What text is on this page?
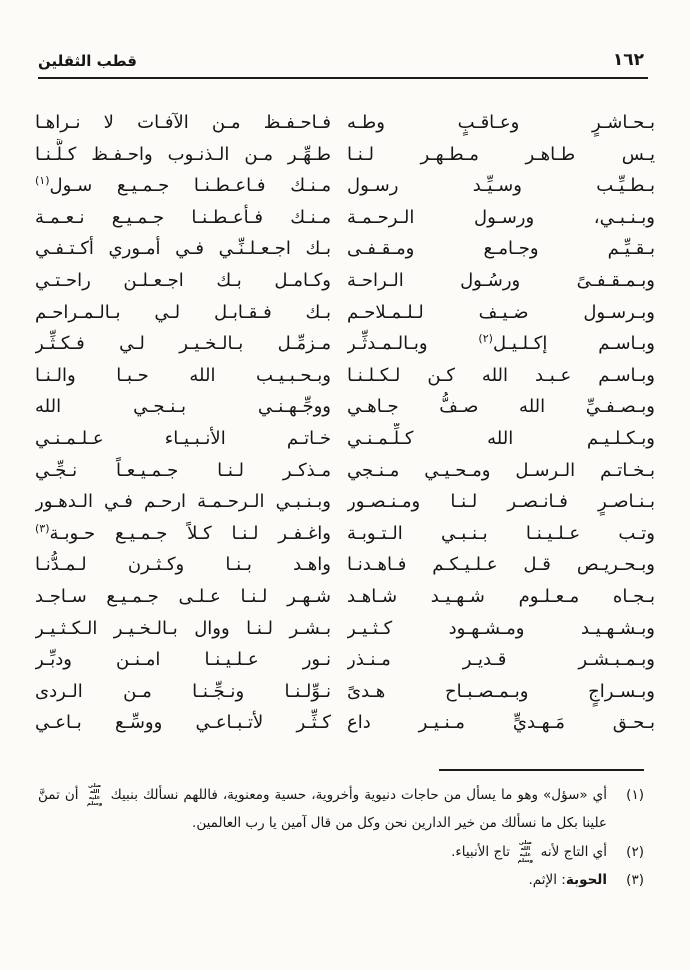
قطب الثقلين	١٦٢
بـحـاشـرٍ وعـاقـبٍ وطـه
فـاحـفـظ مـن الآفـات لا نـراهـا
يـس طـاهـر مـطـهـر لـنـا
طـهِّـر مـن الـذنـوب واحـفـظ كـلَّـنـا
بـطـيِّـب وسـيِّـد رسـول
مـنـك فـاعـطـنـا جـمـيـع سـول$^{(١)}$
وبـنـبـي، ورسـول الـرحـمـة
مـنـك فـأعـطـنـا جـمـيـع نـعـمـة
بـقـيِّـم وجـامـع ومـقـفـى
بـك اجـعـلـنِّـي فـي أمـوري أكـتـفـي
وبـمـقـفـىً ورسُـول الـراحـة
وكـامـل بـك اجـعـلـن راحـتـي
وبـرسـول ضـيـف لـلـمـلاحـم
بـك فـقـابـل لـي بـالـمـراحـم
وبـاسـم إكـلـيـل$^{(٢)}$ وبـالـمـدثِّـر
مـزمِّـل بـالـخـيـر لـي فـكـثِّـر
وبـاسـم عـبـد الله كـن لـكـلـنـا
وبـحـبـيـب الله حـبـا والـنـا
وبـصـفـيِّ الله صـفُّ جـاهـي
ووجِّـهـنـي بـنـجـي الله
وبـكـلـيـم الله كـلِّـمـنـي
خـاتـم الأنـبـيـاء عـلـمـنـي
بـخـاتـم الـرسـل ومـحـيـي مـنـجي
مـذكـر لـنـا جـمـيـعـاً نـجِّـي
بـنـاصـرٍ فـانـصـر لـنـا ومـنـصـور
وبـنـبـي الـرحـمـة ارحـم فـي الـدهـور
وتـب عـلـيـنـا بـنـبـي الـتـوبـة
واغـفـر لـنـا كـلاً جـمـيـع حـوبـة$^{(٣)}$
وبـحـريـص قـل عـلـيـكـم فـاهـدنـا
واهـد بـنـا وكـثـرن لـمـدُّنـا
بـجـاه مـعـلـوم شـهـيـد شـاهـد
شـهـر لـنـا عـلـى جـمـيـع سـاجـد
وبـشـهـيـد ومـشـهـود كـثـيـر
بـشـر لـنـا ووال بـالـخـيـر الـكـثـيـر
وبـمـبـشـر قـديـر مـنـذر
نـور عـلـيـنـا امـنـن ودبِّـر
وبـسـراجٍ وبـمـصـبـاح هـدىً
نـوِّلـنـا ونـجِّـنـا مـن الـردى
بـحـق مَـهـديٍّ مـنـيـر داع
كـثِّـر لأتـبـاعـي ووسِّـع بـاعـي
(١)
أي «سؤل» وهو ما يسأل من حاجات دنيوية وأخروية، حسية ومعنوية، فاللهم نسألك بنبيك صلى الله عليه وسلم أن تمنَّ علينا بكل ما نسألك من خير الدارين نحن وكل من قال آمين يا رب العالمين.
(٢)
أي التاج لأنه صلى الله عليه وسلم تاج الأنبياء.
(٣)
الحوبة: الإثم.
